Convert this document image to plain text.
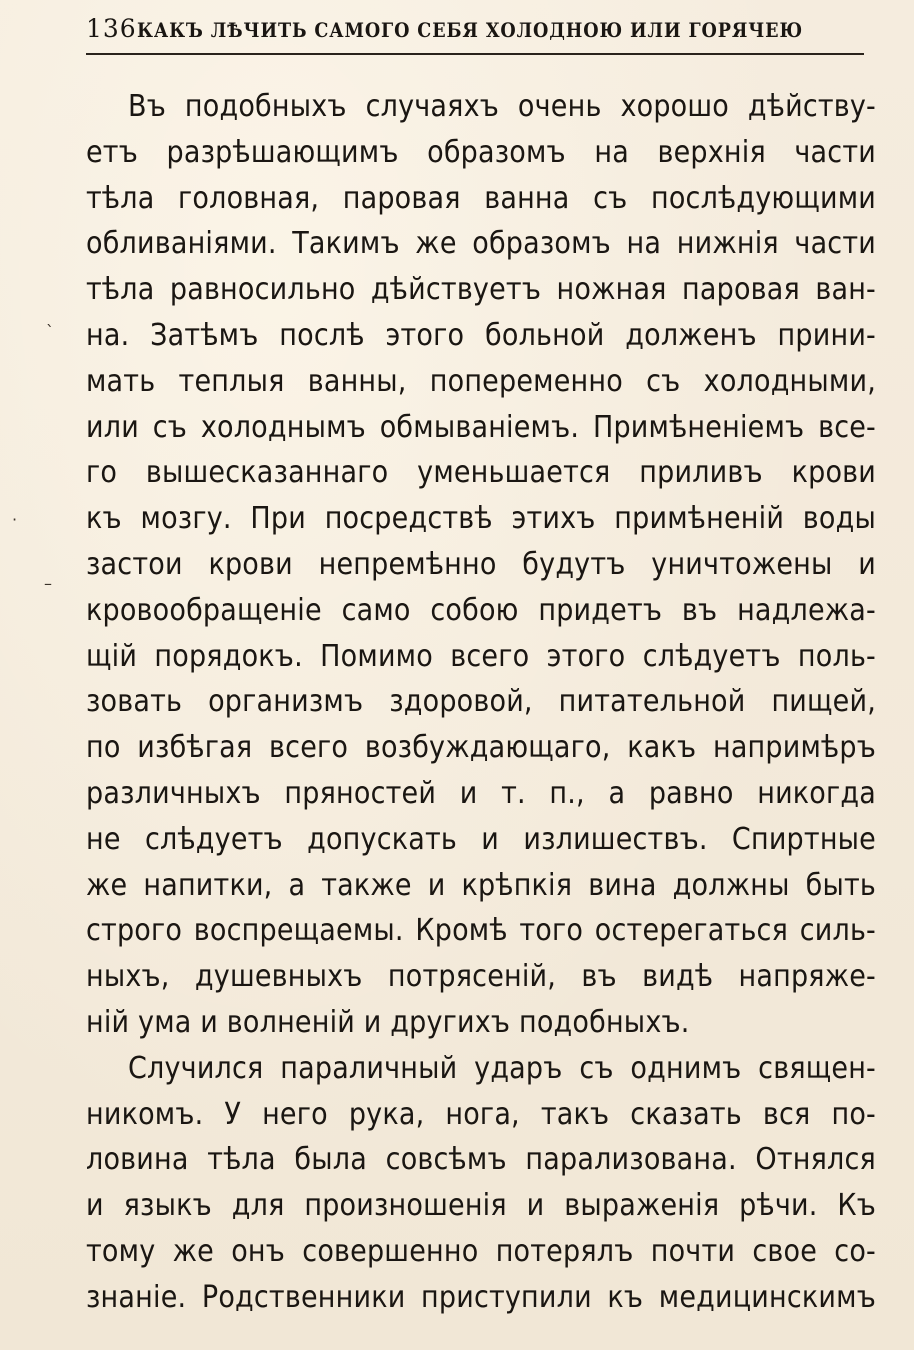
136 КАКЪ ЛѢЧИТЬ САМОГО СЕБЯ ХОЛОДНОЮ ИЛИ ГОРЯЧЕЮ
ˋ
·
–
Въ подобныхъ случаяхъ очень хорошо дѣйству-
етъ разрѣшающимъ образомъ на верхнія части
тѣла головная, паровая ванна съ послѣдующими
обливаніями. Такимъ же образомъ на нижнія части
тѣла равносильно дѣйствуетъ ножная паровая ван-
на. Затѣмъ послѣ этого больной долженъ прини-
мать теплыя ванны, попеременно съ холодными,
или съ холоднымъ обмываніемъ. Примѣненіемъ все-
го вышесказаннаго уменьшается приливъ крови
къ мозгу. При посредствѣ этихъ примѣненій воды
застои крови непремѣнно будутъ уничтожены и
кровообращеніе само собою придетъ въ надлежа-
щій порядокъ. Помимо всего этого слѣдуетъ поль-
зовать организмъ здоровой, питательной пищей,
по избѣгая всего возбуждающаго, какъ напримѣръ
различныхъ пряностей и т. п., а равно никогда
не слѣдуетъ допускать и излишествъ. Спиртные
же напитки, а также и крѣпкія вина должны быть
строго воспрещаемы. Кромѣ того остерегаться силь-
ныхъ, душевныхъ потрясеній, въ видѣ напряже-
ній ума и волненій и другихъ подобныхъ.
Случился параличный ударъ съ однимъ священ-
никомъ. У него рука, нога, такъ сказать вся по-
ловина тѣла была совсѣмъ парализована. Отнялся
и языкъ для произношенія и выраженія рѣчи. Къ
тому же онъ совершенно потерялъ почти свое со-
знаніе. Родственники приступили къ медицинскимъ
